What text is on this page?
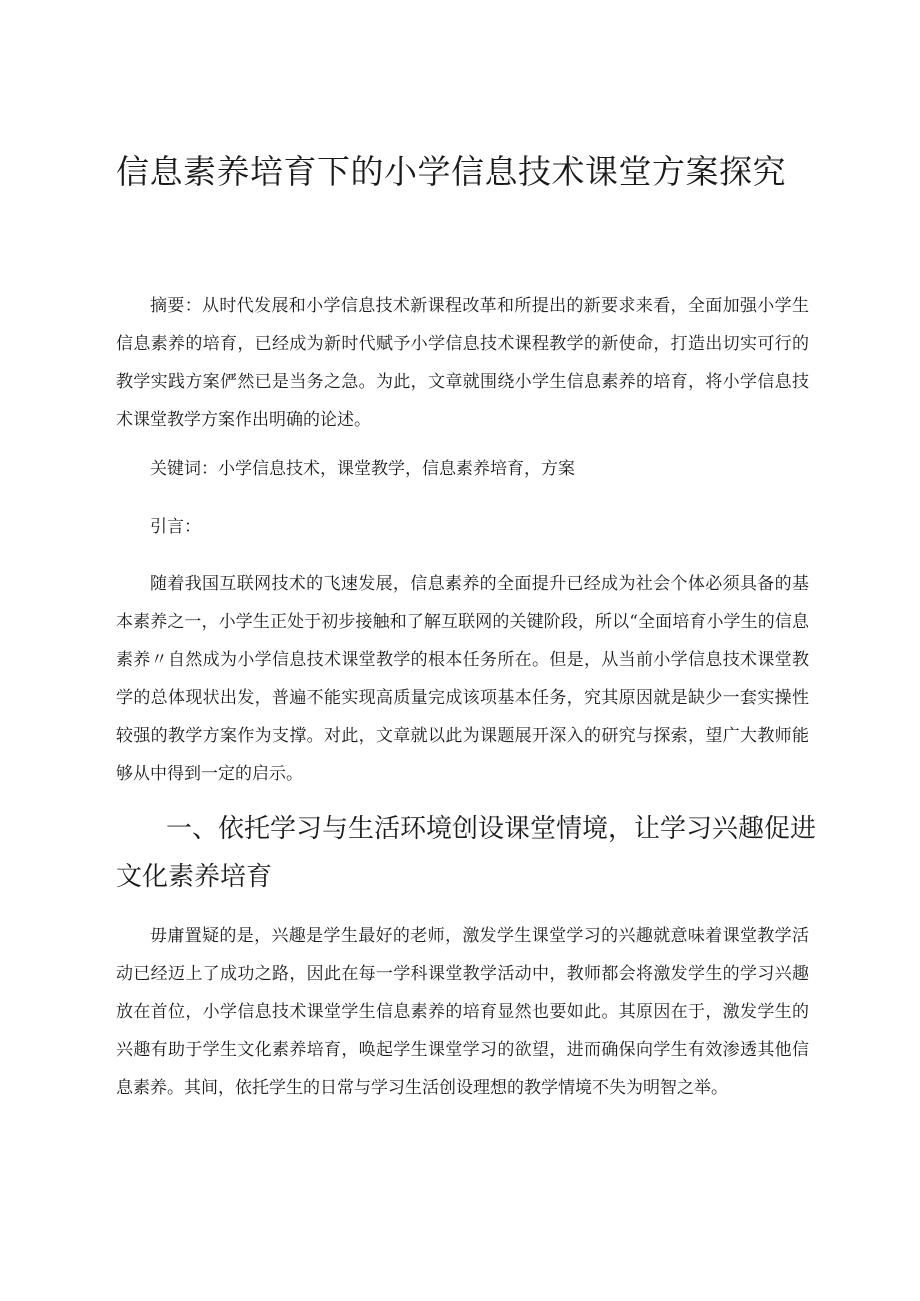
信息素养培育下的小学信息技术课堂方案探究

摘要：从时代发展和小学信息技术新课程改革和所提出的新要求来看，全面加强小学生信息素养的培育，已经成为新时代赋予小学信息技术课程教学的新使命，打造出切实可行的教学实践方案俨然已是当务之急。为此，文章就围绕小学生信息素养的培育，将小学信息技术课堂教学方案作出明确的论述。

关键词：小学信息技术，课堂教学，信息素养培育，方案

引言：

随着我国互联网技术的飞速发展，信息素养的全面提升已经成为社会个体必须具备的基本素养之一，小学生正处于初步接触和了解互联网的关键阶段，所以“全面培育小学生的信息素养〃自然成为小学信息技术课堂教学的根本任务所在。但是，从当前小学信息技术课堂教学的总体现状出发，普遍不能实现高质量完成该项基本任务，究其原因就是缺少一套实操性较强的教学方案作为支撑。对此，文章就以此为课题展开深入的研究与探索，望广大教师能够从中得到一定的启示。

一、依托学习与生活环境创设课堂情境，让学习兴趣促进文化素养培育

毋庸置疑的是，兴趣是学生最好的老师，激发学生课堂学习的兴趣就意味着课堂教学活动已经迈上了成功之路，因此在每一学科课堂教学活动中，教师都会将激发学生的学习兴趣放在首位，小学信息技术课堂学生信息素养的培育显然也要如此。其原因在于，激发学生的兴趣有助于学生文化素养培育，唤起学生课堂学习的欲望，进而确保向学生有效渗透其他信息素养。其间，依托学生的日常与学习生活创设理想的教学情境不失为明智之举。
